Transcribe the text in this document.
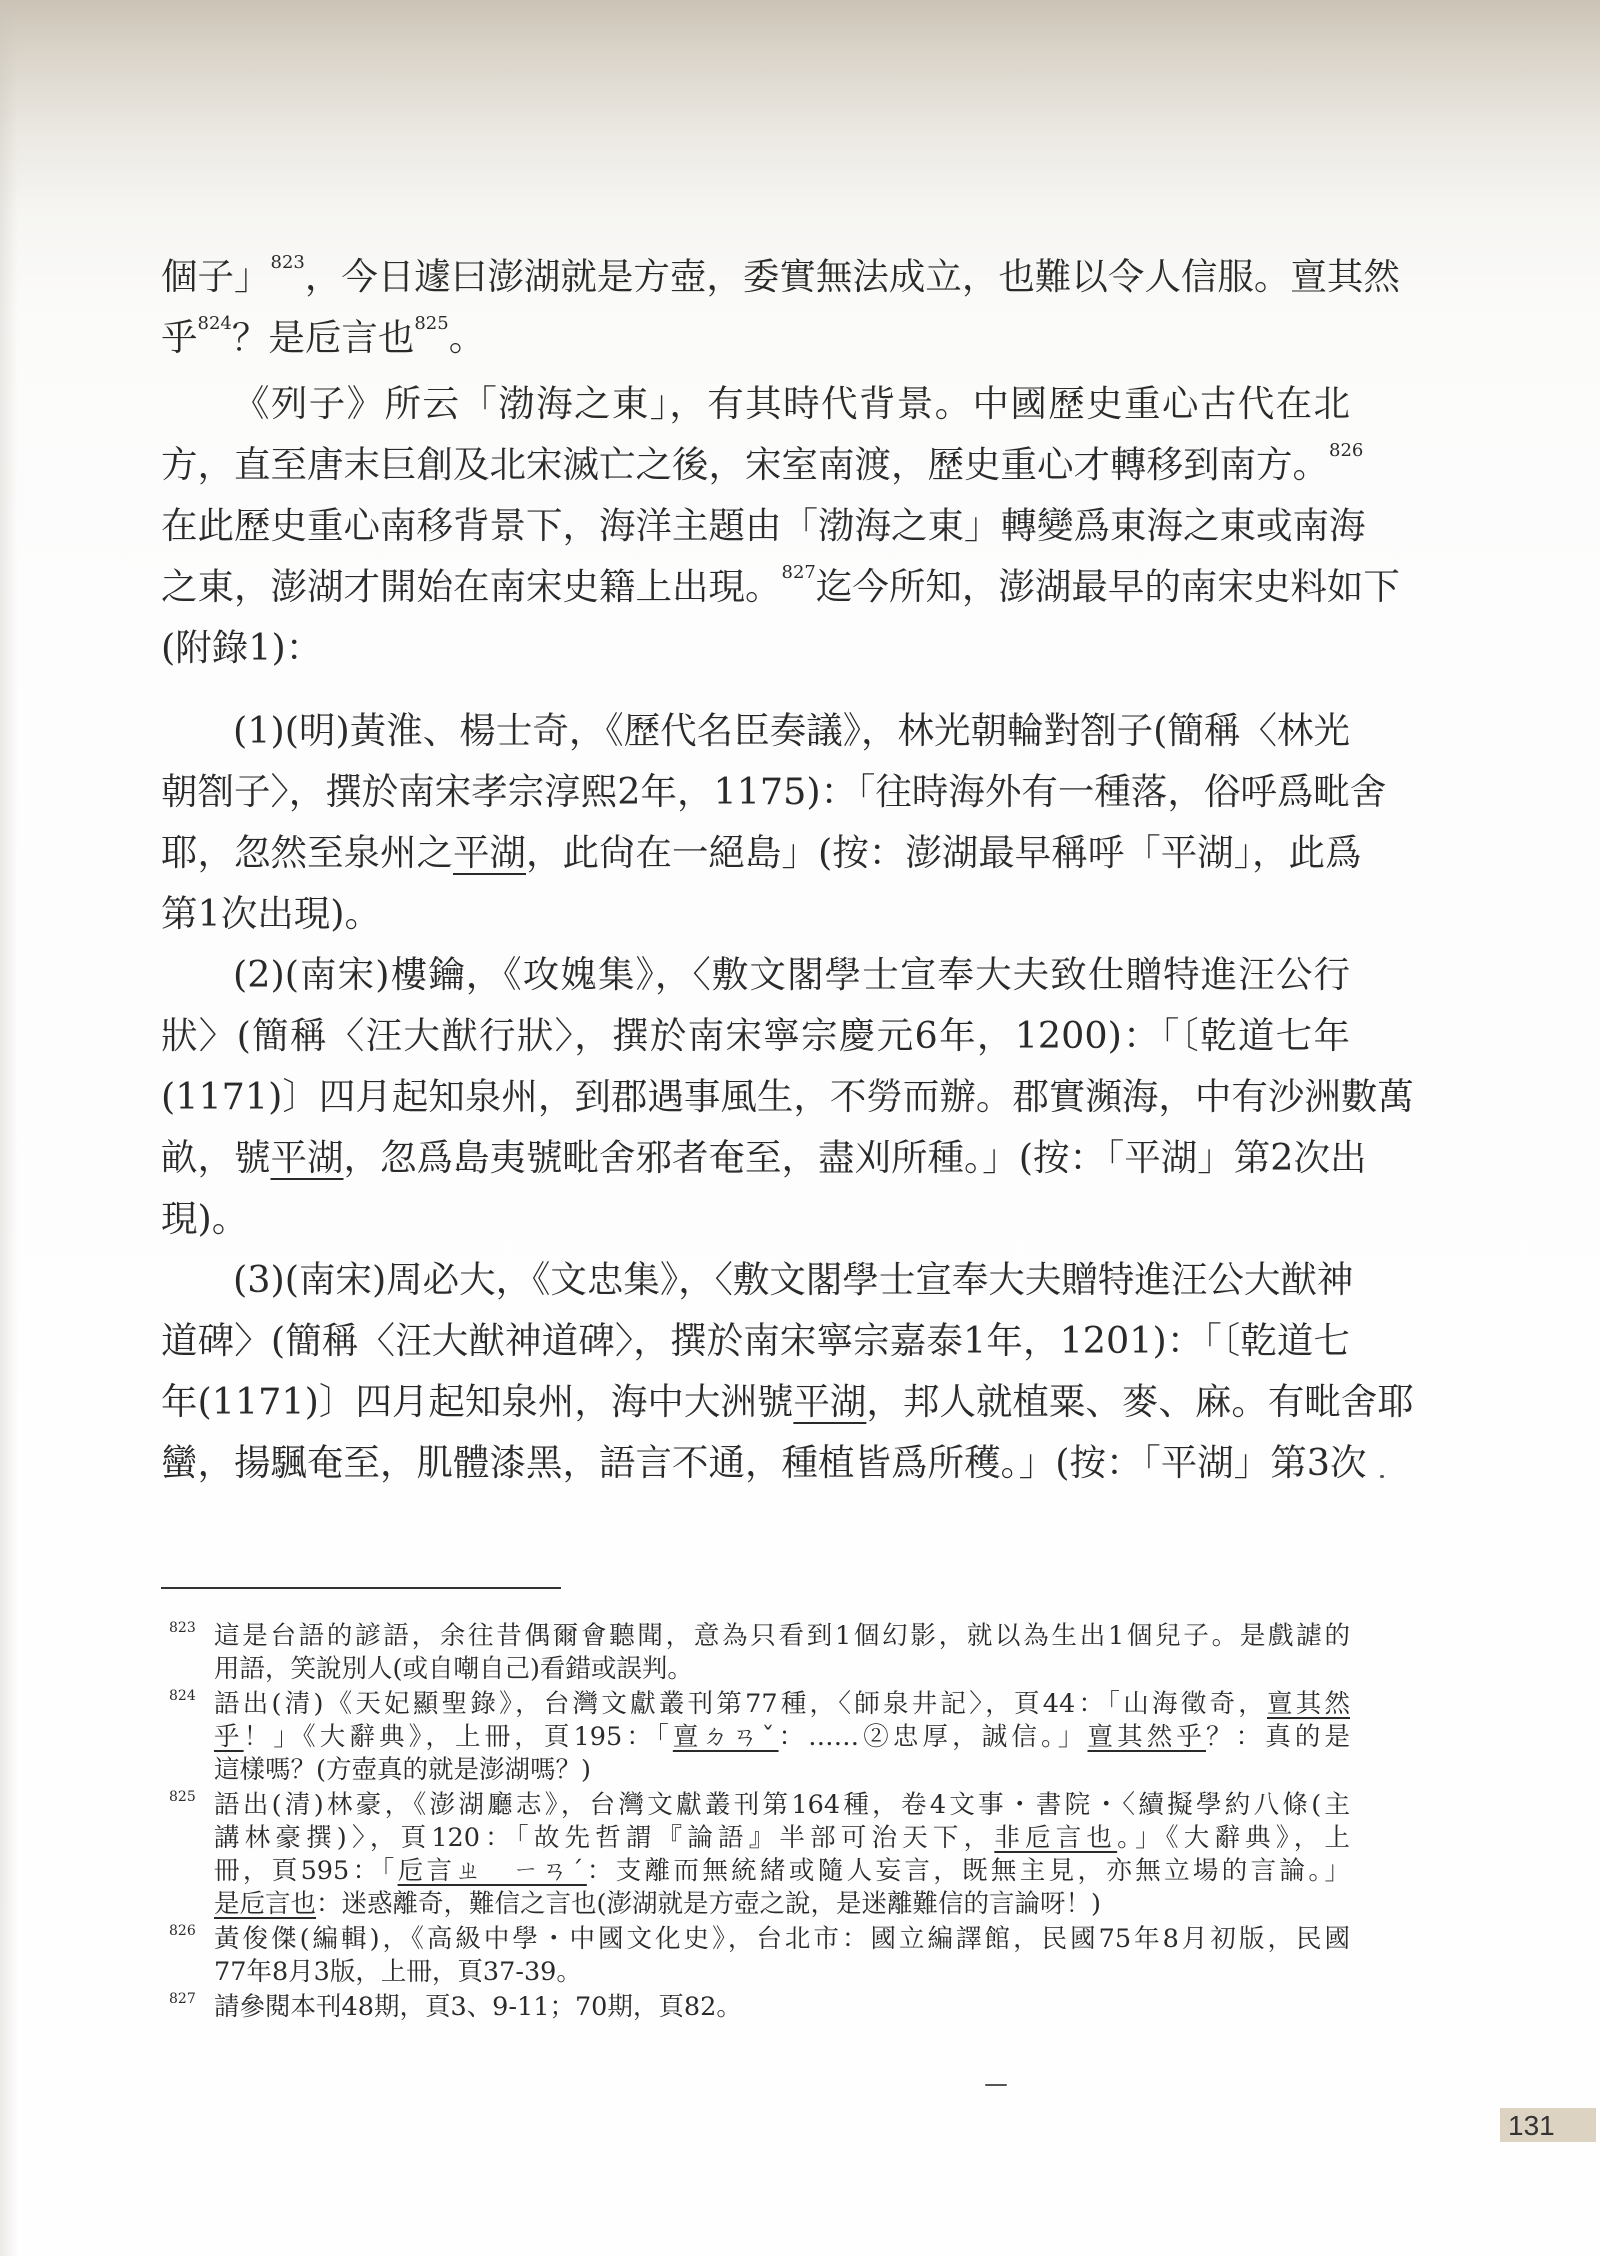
個子」823，今日遽曰澎湖就是方壺，委實無法成立，也難以令人信服。亶其然
乎824？是卮言也825。
《列子》所云「渤海之東」，有其時代背景。中國歷史重心古代在北
方，直至唐末巨創及北宋滅亡之後，宋室南渡，歷史重心才轉移到南方。826
在此歷史重心南移背景下，海洋主題由「渤海之東」轉變爲東海之東或南海
之東，澎湖才開始在南宋史籍上出現。827迄今所知，澎湖最早的南宋史料如下
(附錄1)：
(1)(明)黃淮、楊士奇，《歷代名臣奏議》，林光朝輪對劄子(簡稱〈林光
朝劄子〉，撰於南宋孝宗淳熙2年，1175)：「往時海外有一種落，俗呼爲毗舍
耶，忽然至泉州之平湖，此尙在一絕島」(按：澎湖最早稱呼「平湖」，此爲
第1次出現)。
(2)(南宋)樓鑰，《攻媿集》，〈敷文閣學士宣奉大夫致仕贈特進汪公行
狀〉(簡稱〈汪大猷行狀〉，撰於南宋寧宗慶元6年，1200)：「〔乾道七年
(1171)〕四月起知泉州，到郡遇事風生，不勞而辦。郡實瀕海，中有沙洲數萬
畝，號平湖，忽爲島夷號毗舍邪者奄至，盡刈所種。」(按：「平湖」第2次出
現)。
(3)(南宋)周必大，《文忠集》，〈敷文閣學士宣奉大夫贈特進汪公大猷神
道碑〉(簡稱〈汪大猷神道碑〉，撰於南宋寧宗嘉泰1年，1201)：「〔乾道七
年(1171)〕四月起知泉州，海中大洲號平湖，邦人就植粟、麥、麻。有毗舍耶
蠻，揚颿奄至，肌體漆黑，語言不通，種植皆爲所穫。」(按：「平湖」第3次
823 這是台語的諺語，余往昔偶爾會聽聞，意為只看到1個幻影，就以為生出1個兒子。是戲謔的
用語，笑說別人(或自嘲自己)看錯或誤判。
824 語出(清)《天妃顯聖錄》，台灣文獻叢刊第77種，〈師泉井記〉，頁44：「山海徵奇，亶其然
乎！」《大辭典》，上冊，頁195：「亶ㄉㄢˇ：……②忠厚，誠信。」亶其然乎？：真的是
這樣嗎？(方壺真的就是澎湖嗎？)
825 語出(清)林豪，《澎湖廳志》，台灣文獻叢刊第164種，卷4文事・書院・〈續擬學約八條(主
講林豪撰)〉，頁120：「故先哲謂『論語』半部可治天下，非卮言也。」《大辭典》，上
冊，頁595：「卮言ㄓ　ㄧㄢˊ：支離而無統緒或隨人妄言，既無主見，亦無立場的言論。」
是卮言也：迷惑離奇，難信之言也(澎湖就是方壺之說，是迷離難信的言論呀！)
826 黃俊傑(編輯)，《高級中學・中國文化史》，台北市：國立編譯館，民國75年8月初版，民國
77年8月3版，上冊，頁37-39。
827 請參閱本刊48期，頁3、9-11；70期，頁82。
131
